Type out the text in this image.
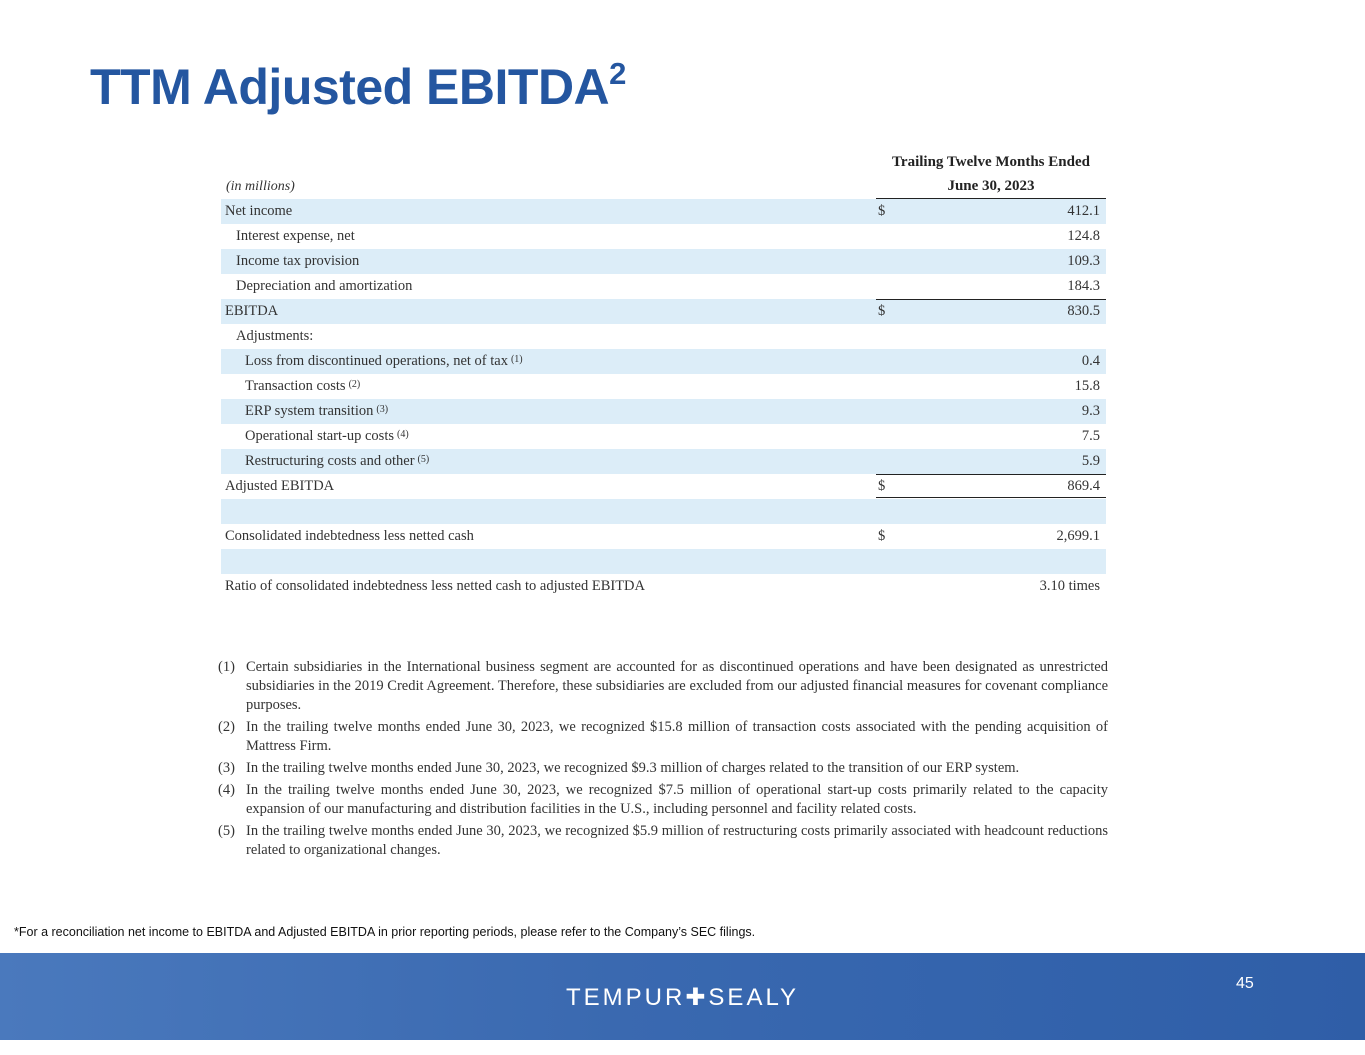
TTM Adjusted EBITDA$^2$
Trailing Twelve Months Ended
June 30, 2023
(in millions)
Net income	$	412.1
Interest expense, net	124.8
Income tax provision	109.3
Depreciation and amortization	184.3
EBITDA	$	830.5
Adjustments:
Loss from discontinued operations, net of tax $^{(1)}$	0.4
Transaction costs $^{(2)}$	15.8
ERP system transition $^{(3)}$	9.3
Operational start-up costs $^{(4)}$	7.5
Restructuring costs and other $^{(5)}$	5.9
Adjusted EBITDA	$	869.4
Consolidated indebtedness less netted cash	$	2,699.1
Ratio of consolidated indebtedness less netted cash to adjusted EBITDA	3.10 times
(1) Certain subsidiaries in the International business segment are accounted for as discontinued operations and have been designated as unrestricted subsidiaries in the 2019 Credit Agreement. Therefore, these subsidiaries are excluded from our adjusted financial measures for covenant compliance purposes.
(2) In the trailing twelve months ended June 30, 2023, we recognized $15.8 million of transaction costs associated with the pending acquisition of Mattress Firm.
(3) In the trailing twelve months ended June 30, 2023, we recognized $9.3 million of charges related to the transition of our ERP system.
(4) In the trailing twelve months ended June 30, 2023, we recognized $7.5 million of operational start-up costs primarily related to the capacity expansion of our manufacturing and distribution facilities in the U.S., including personnel and facility related costs.
(5) In the trailing twelve months ended June 30, 2023, we recognized $5.9 million of restructuring costs primarily associated with headcount reductions related to organizational changes.
*For a reconciliation net income to EBITDA and Adjusted EBITDA in prior reporting periods, please refer to the Company’s SEC filings.
TEMPUR✚SEALY
45
